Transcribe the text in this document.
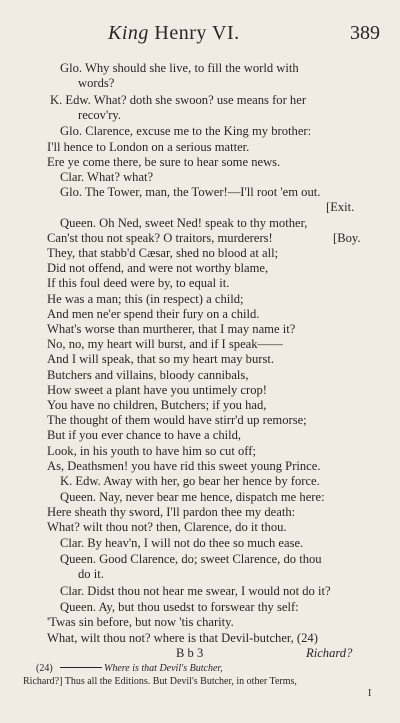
King Henry VI.	389
Glo. Why should she live, to fill the world with
words?
K. Edw. What? doth she swoon? use means for her
recov'ry.
Glo. Clarence, excuse me to the King my brother:
I'll hence to London on a serious matter.
Ere ye come there, be sure to hear some news.
Clar. What? what?
Glo. The Tower, man, the Tower!—I'll root 'em out.
[Exit.
Queen. Oh Ned, sweet Ned! speak to thy mother,
Can'st thou not speak? O traitors, murderers!	[Boy.
They, that stabb'd Cæsar, shed no blood at all;
Did not offend, and were not worthy blame,
If this foul deed were by, to equal it.
He was a man; this (in respect) a child;
And men ne'er spend their fury on a child.
What's worse than murtherer, that I may name it?
No, no, my heart will burst, and if I speak——
And I will speak, that so my heart may burst.
Butchers and villains, bloody cannibals,
How sweet a plant have you untimely crop!
You have no children, Butchers; if you had,
The thought of them would have stirr'd up remorse;
But if you ever chance to have a child,
Look, in his youth to have him so cut off;
As, Deathsmen! you have rid this sweet young Prince.
K. Edw. Away with her, go bear her hence by force.
Queen. Nay, never bear me hence, dispatch me here:
Here sheath thy sword, I'll pardon thee my death:
What? wilt thou not? then, Clarence, do it thou.
Clar. By heav'n, I will not do thee so much ease.
Queen. Good Clarence, do; sweet Clarence, do thou
do it.
Clar. Didst thou not hear me swear, I would not do it?
Queen. Ay, but thou usedst to forswear thy self:
'Twas sin before, but now 'tis charity.
What, wilt thou not? where is that Devil-butcher, (24)
B b 3	Richard?
(24)	Where is that Devil's Butcher,
Richard?] Thus all the Editions. But Devil's Butcher, in other Terms,
I
